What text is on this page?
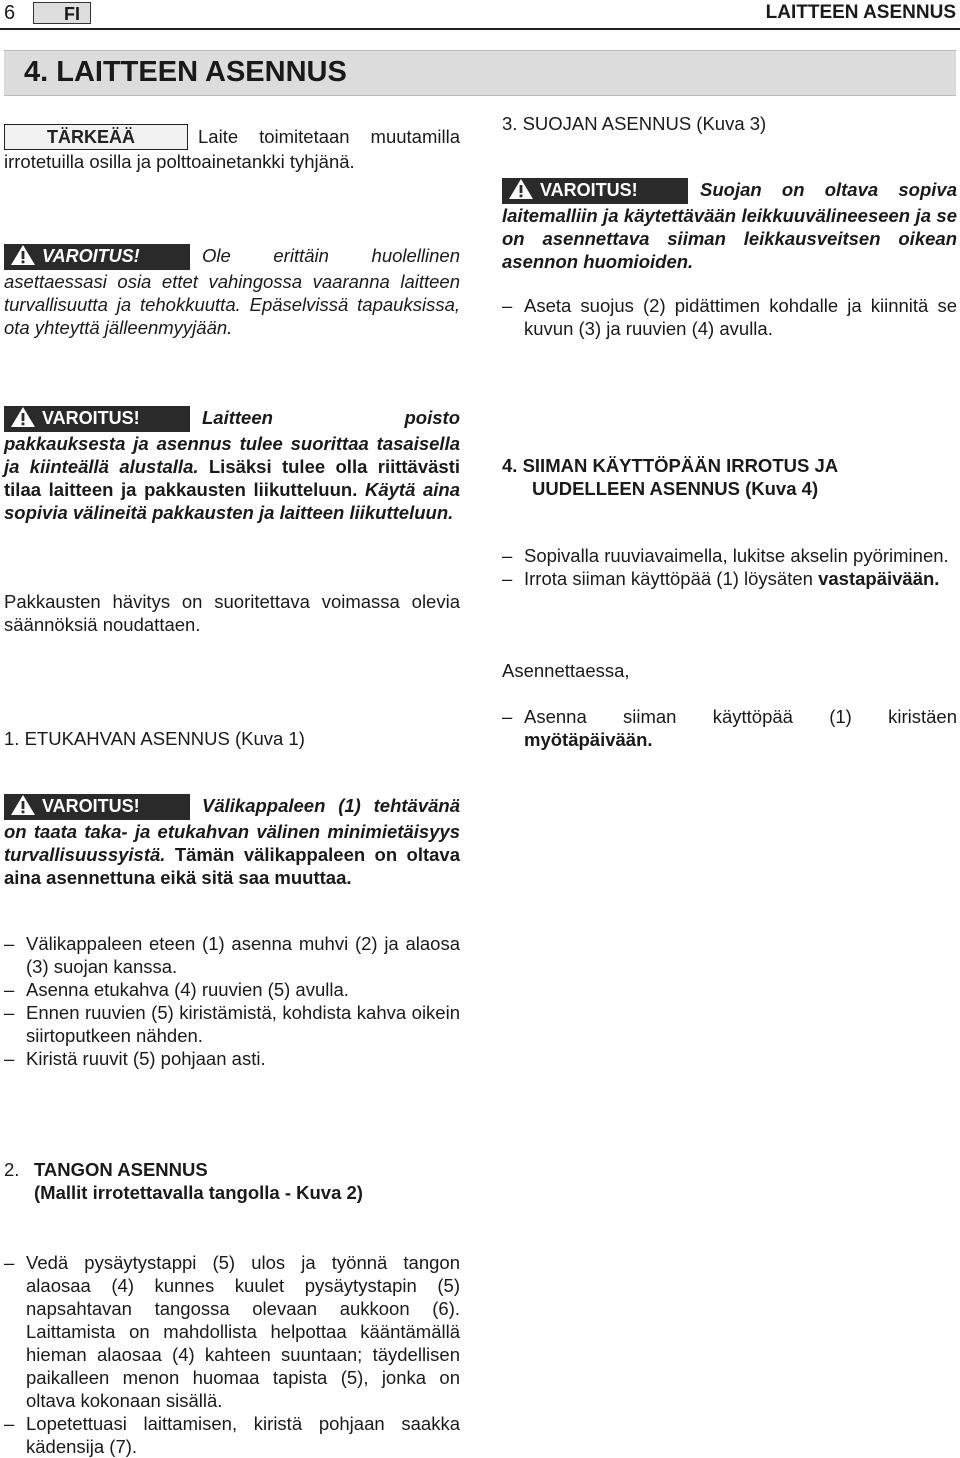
6	FI	LAITTEEN ASENNUS
4. LAITTEEN ASENNUS
TÄRKEÄÄ	Laite toimitetaan muutamilla irrotetuilla osilla ja polttoainetankki tyhjänä.
VAROITUS!	Ole erittäin huolellinen asettaessasi osia ettet vahingossa vaaranna laitteen turvallisuutta ja tehokkuutta. Epäselvissä tapauksissa, ota yhteyttä jälleenmyyjään.
VAROITUS!	Laitteen poisto pakkauksesta ja asennus tulee suorittaa tasaisella ja kiinteällä alustalla. Lisäksi tulee olla riittävästi tilaa laitteen ja pakkausten liikutteluun. Käytä aina sopivia välineitä pakkausten ja laitteen liikutteluun.
Pakkausten hävitys on suoritettava voimassa olevia säännöksiä noudattaen.
1. ETUKAHVAN ASENNUS (Kuva 1)
VAROITUS!	Välikappaleen (1) tehtävänä on taata taka- ja etukahvan välinen minimietäisyys turvallisuussyistä. Tämän välikappaleen on oltava aina asennettuna eikä sitä saa muuttaa.
– Välikappaleen eteen (1) asenna muhvi (2) ja alaosa (3) suojan kanssa.
– Asenna etukahva (4) ruuvien (5) avulla.
– Ennen ruuvien (5) kiristämistä, kohdista kahva oikein siirtoputkeen nähden.
– Kiristä ruuvit (5) pohjaan asti.
2. TANGON ASENNUS
(Mallit irrotettavalla tangolla - Kuva 2)
– Vedä pysäytystappi (5) ulos ja työnnä tangon alaosaa (4) kunnes kuulet pysäytystapin (5) napsahtavan tangossa olevaan aukkoon (6). Laittamista on mahdollista helpottaa kääntämällä hieman alaosaa (4) kahteen suuntaan; täydellisen paikalleen menon huomaa tapista (5), jonka on oltava kokonaan sisällä.
– Lopetettuasi laittamisen, kiristä pohjaan saakka kädensija (7).
3. SUOJAN ASENNUS (Kuva 3)
VAROITUS!	Suojan on oltava sopiva laitemalliin ja käytettävään leikkuuvälineeseen ja se on asennettava siiman leikkausveitsen oikean asennon huomioiden.
– Aseta suojus (2) pidättimen kohdalle ja kiinnitä se kuvun (3) ja ruuvien (4) avulla.
4. SIIMAN KÄYTTÖPÄÄN IRROTUS JA
UUDELLEEN ASENNUS (Kuva 4)
– Sopivalla ruuviavaimella, lukitse akselin pyöriminen.
– Irrota siiman käyttöpää (1) löysäten vastapäivään.
Asennettaessa,
– Asenna siiman käyttöpää (1) kiristäen myötäpäivään.
